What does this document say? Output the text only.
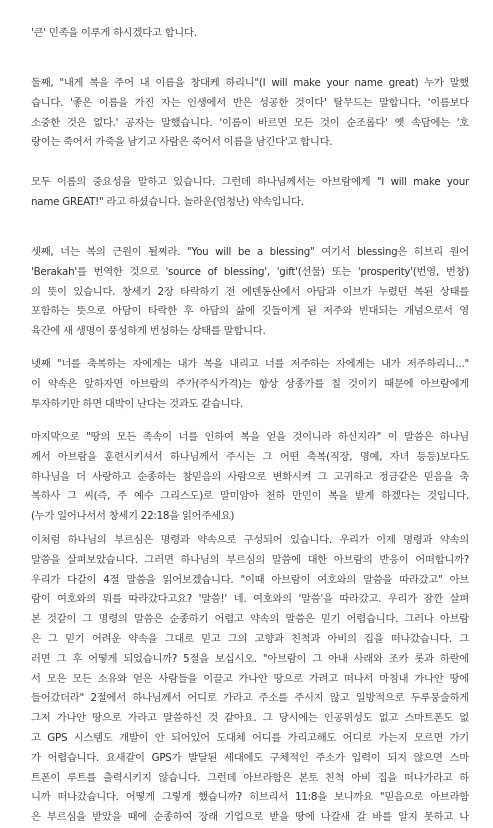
'큰' 민족을 이루게 하시겠다고 합니다.
둘째, "내게 복을 주어 내 이름을 창대케 하리니"(I will make your name great) 누가 말했
습니다. '좋은 이름을 가진 자는 인생에서 반은 성공한 것이다' 탈무드는 말합니다. '이름보다
소중한 것은 없다.' 공자는 말했습니다. '이름이 바르면 모든 것이 순조롭다' 옛 속담에는 '호
랑이는 죽어서 가죽을 남기고 사람은 죽어서 이름을 남긴다'고 합니다.
모두 이름의 중요성을 말하고 있습니다. 그런데 하나님께서는 아브람에게 "I will make your
name GREAT!" 라고 하셨습니다. 놀라운(엄청난) 약속입니다.
셋째, 너는 복의 근원이 될찌라. "You will be a blessing" 여기서 blessing은 히브리 원어
'Berakah'를 번역한 것으로 'source of blessing', 'gift'(선물) 또는 'prosperity'(번영, 번창)
의 뜻이 있습니다. 창세기 2장 타락하기 전 에덴동산에서 아담과 이브가 누렸던 복된 상태를
포함하는 뜻으로 아담이 타락한 후 아담의 삶에 깃들이게 된 저주와 빈대되는 개념으로서 영
육간에 새 생명이 풍성하게 번성하는 상태를 말합니다.
넷째 "너를 축복하는 자에게는 내가 복을 내리고 너를 저주하는 자에게는 내가 저주하리니..."
이 약속은 앞하자면 아브람의 주가(주식가격)는 항상 상종가를 칠 것이기 때문에 아브람에게
투자하기만 하면 대박이 난다는 것과도 같습니다.
마지막으로 "땅의 모든 족속이 너를 인하여 복을 얻을 것이니라 하신지라" 이 말씀은 하나님
께서 아브람을 훈련시키셔서 하나님께서 주시는 그 어떤 축복(직장, 명예, 자녀 등등)보다도
하나님을 더 사랑하고 순종하는 참믿음의 사람으로 변화시켜 그 고귀하고 정금같은 믿음을 축
복하사 그 씨(즉, 주 예수 그리스도)로 말미암아 천하 만민이 복을 받게 하겠다는 것입니다.
(누가 일어나서서 창세기 22:18을 읽어주세요)
이처럼 하나님의 부르심은 명령과 약속으로 구성되어 있습니다. 우리가 이제 명령과 약속의
말씀을 살펴보았습니다. 그러면 하나님의 부르심의 말씀에 대한 아브람의 반응이 어떠합니까?
우리가 다같이 4절 말씀을 읽어보겠습니다. "이때 아브람이 여호와의 말씀을 따라갔고" 아브
람이 여호와의 뭐를 따라갔다고요? '말씀!' 네. 여호와의 '말씀'을 따라갔고. 우리가 잠깐 살펴
본 것같이 그 명령의 말씀은 순종하기 어렵고 약속의 말씀은 믿기 어렵습니다. 그러나 아브람
은 그 믿기 어려운 약속을 그대로 믿고 그의 고향과 친척과 아비의 집을 떠나갔습니다. 그
러면 그 후 어떻게 되었습니까? 5절을 보십시오. "아브람이 그 아내 사래와 조카 롯과 하란에
서 모은 모든 소유와 얻은 사람들을 이끌고 가나안 땅으로 가려고 떠나서 마침내 가나안 땅에
들어갔더라" 2절에서 하나님께서 어디로 가라고 주소를 주시지 않고 일방적으로 두루뭉술하게
그저 가나안 땅으로 가라고 말씀하신 것 같아요. 그 당시에는 인공위성도 없고 스마트폰도 없
고 GPS 시스템도 개발이 안 되어있어 도대체 어디를 가리고해도 어디로 가는지 모르면 가기
가 어렵습니다. 요새같이 GPS가 발달된 세대에도 구체적인 주소가 입력이 되지 않으면 스마
트폰이 루트를 출력시키지 않습니다. 그런데 아브라함은 본토 친척 아비 집을 떠나가라고 하
니까 떠나갔습니다. 어떻게 그렇게 했습니까? 히브리서 11:8을 보니까요 "믿음으로 아브라함
은 부르심을 받았을 때에 순종하여 장래 기업으로 받을 땅에 나갈새 갈 바를 알지 못하고 나
